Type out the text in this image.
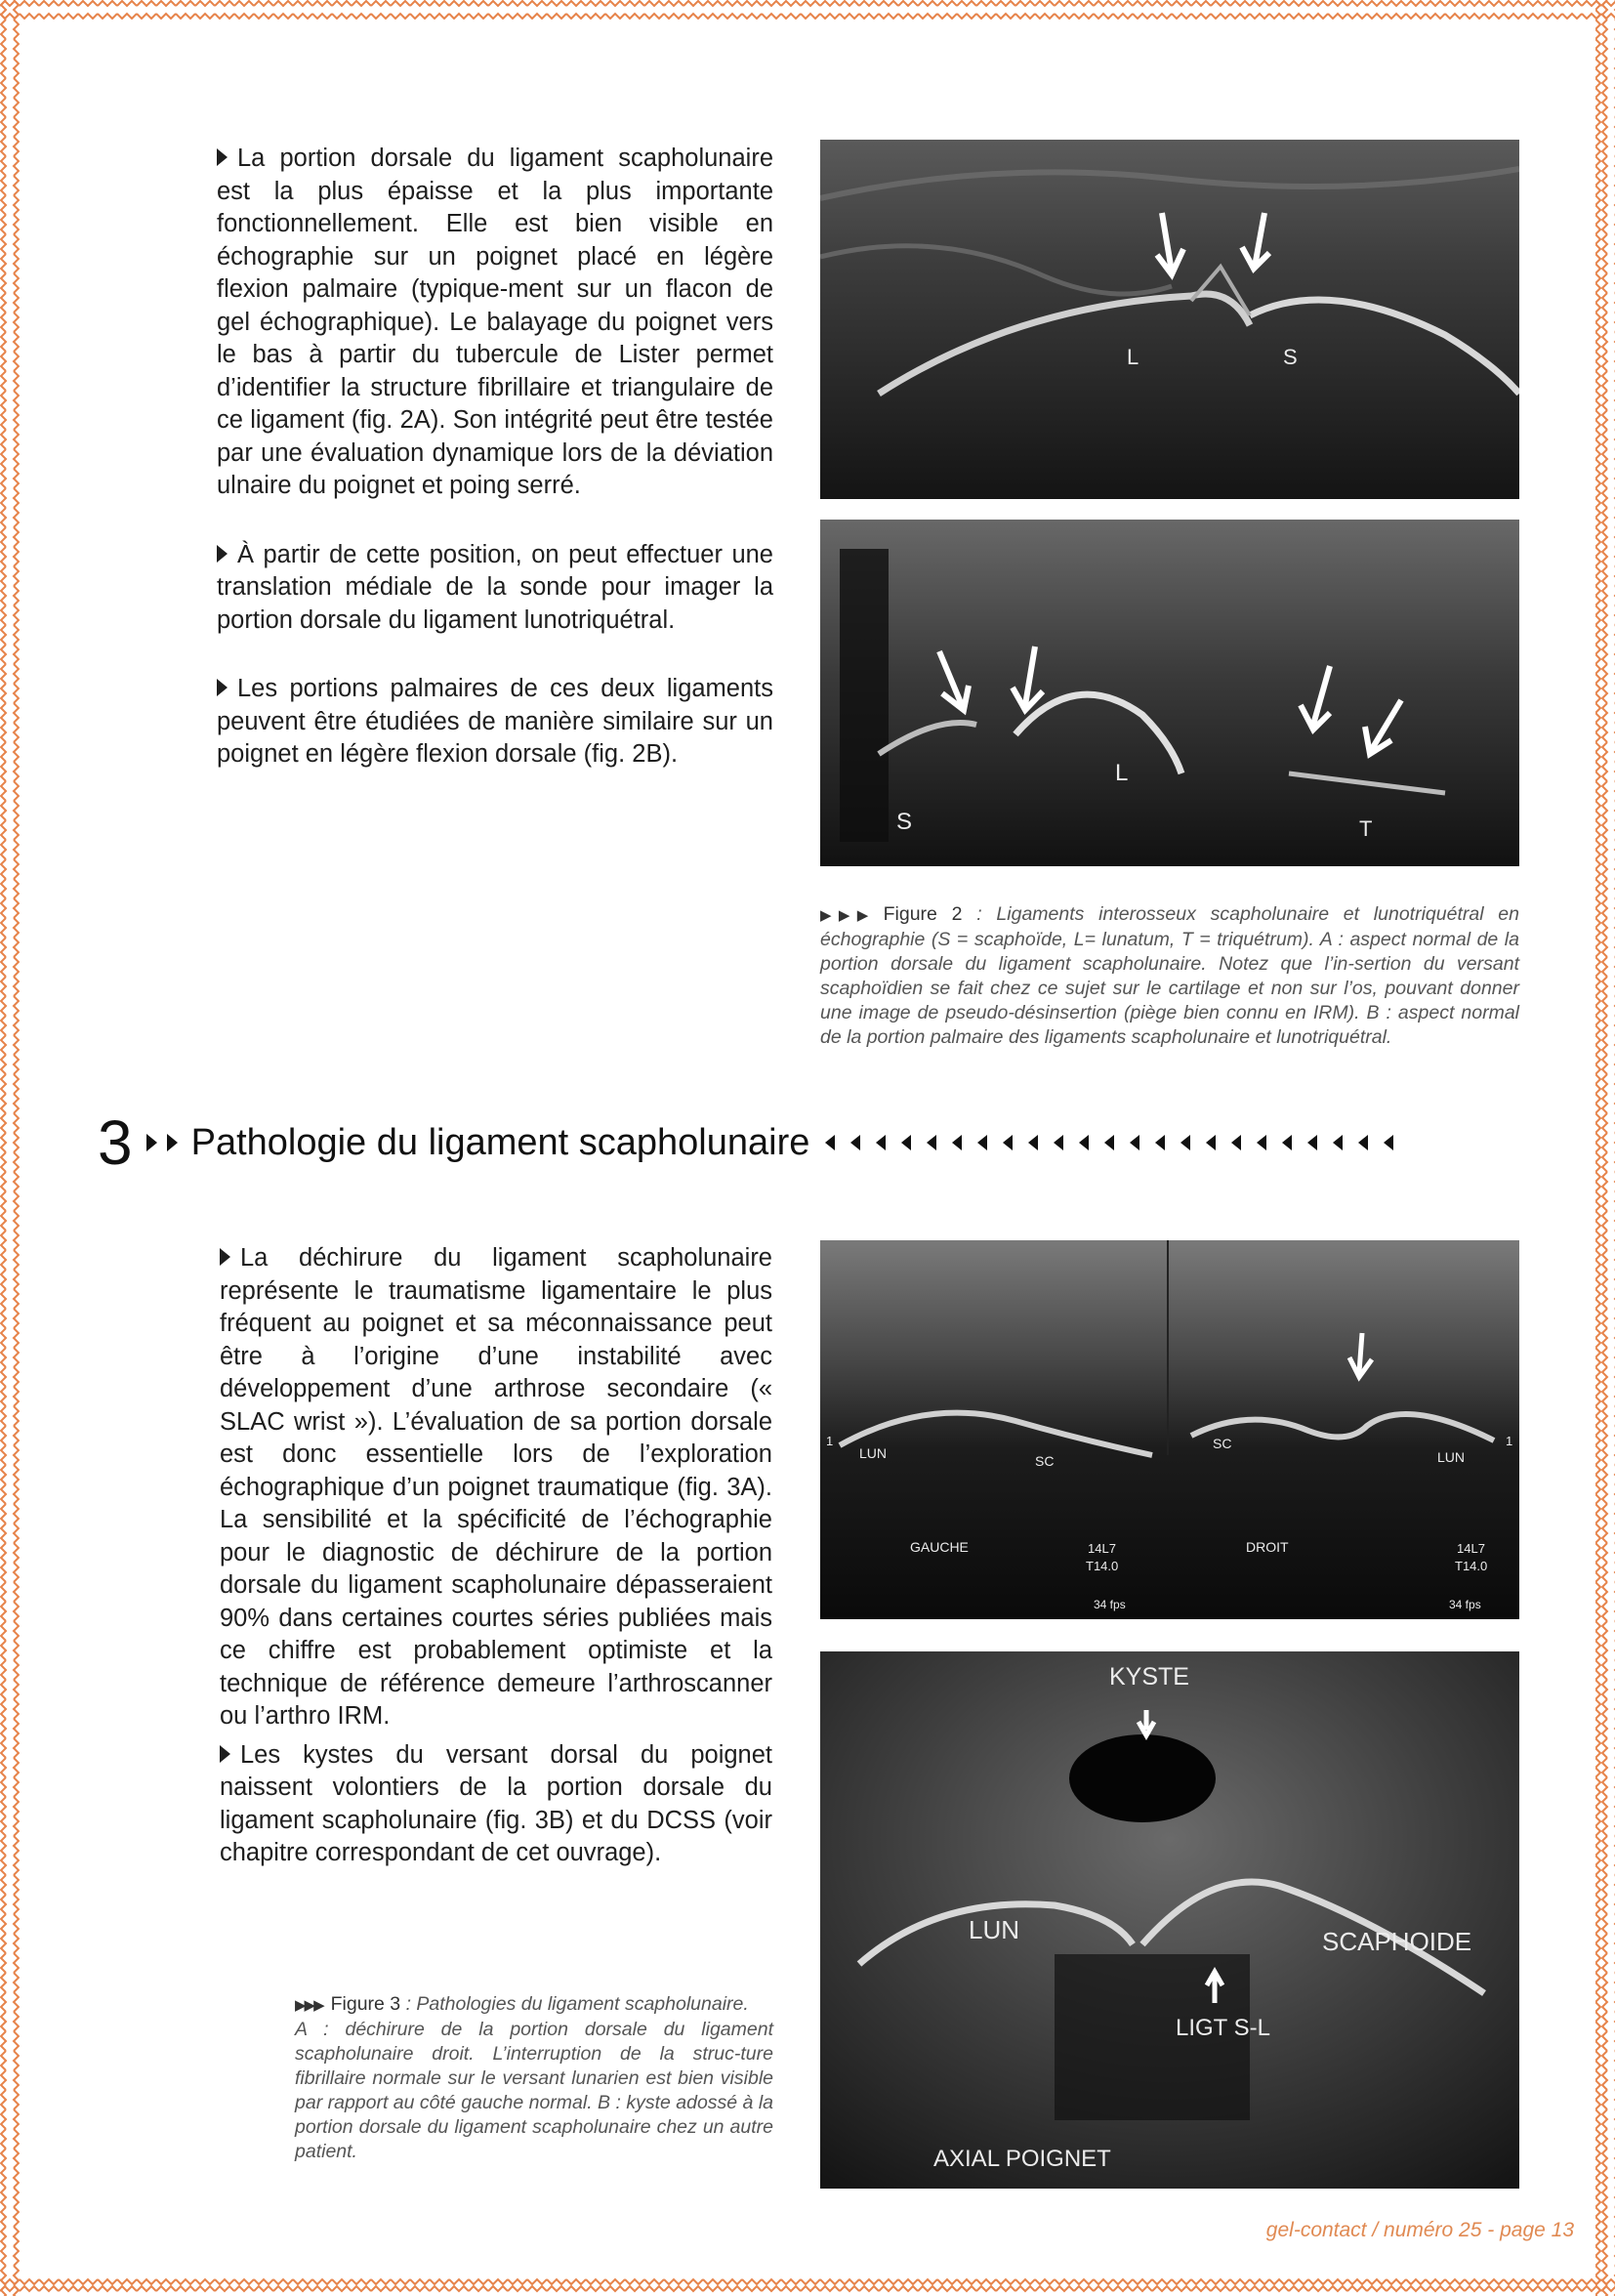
La portion dorsale du ligament scapholunaire est la plus épaisse et la plus importante fonctionnellement. Elle est bien visible en échographie sur un poignet placé en légère flexion palmaire (typique-ment sur un flacon de gel échographique). Le balayage du poignet vers le bas à partir du tubercule de Lister permet d’identifier la structure fibrillaire et triangulaire de ce ligament (fig. 2A). Son intégrité peut être testée par une évaluation dynamique lors de la déviation ulnaire du poignet et poing serré.

À partir de cette position, on peut effectuer une translation médiale de la sonde pour imager la portion dorsale du ligament lunotriquétral.

Les portions palmaires de ces deux ligaments peuvent être étudiées de manière similaire sur un poignet en légère flexion dorsale (fig. 2B).

L	S
S
L
T
▶▶▶ Figure 2 : Ligaments interosseux scapholunaire et lunotriquétral en échographie (S = scaphoïde, L= lunatum, T = triquétrum). A : aspect normal de la portion dorsale du ligament scapholunaire. Notez que l’in-sertion du versant scaphoïdien se fait chez ce sujet sur le cartilage et non sur l’os, pouvant donner une image de pseudo-désinsertion (piège bien connu en IRM). B : aspect normal de la portion palmaire des ligaments scapholunaire et lunotriquétral.
3 Pathologie du ligament scapholunaire

La déchirure du ligament scapholunaire représente le traumatisme ligamentaire le plus fréquent au poignet et sa méconnaissance peut être à l’origine d’une instabilité avec développement d’une arthrose secondaire (« SLAC wrist »). L’évaluation de sa portion dorsale est donc essentielle lors de l’exploration échographique d’un poignet traumatique (fig. 3A). La sensibilité et la spécificité de l’échographie pour le diagnostic de déchirure de la portion dorsale du ligament scapholunaire dépasseraient 90% dans certaines courtes séries publiées mais ce chiffre est probablement optimiste et la technique de référence demeure l’arthroscanner ou l’arthro IRM.

Les kystes du versant dorsal du poignet naissent volontiers de la portion dorsale du ligament scapholunaire (fig. 3B) et du DCSS (voir chapitre correspondant de cet ouvrage).

1
LUN	SC
GAUCHE	14L7
T14.0
34 fps
SC
LUN
DROIT	14L7
T14.0
34 fps
1
KYSTE
LUN	SCAPHOIDE
LIGT S-L
AXIAL POIGNET
▶▶▶ Figure 3 : Pathologies du ligament scapholunaire.
A : déchirure de la portion dorsale du ligament scapholunaire droit. L’interruption de la struc-ture fibrillaire normale sur le versant lunarien est bien visible par rapport au côté gauche normal. B : kyste adossé à la portion dorsale du ligament scapholunaire chez un autre patient.
gel-contact / numéro 25 - page 13
